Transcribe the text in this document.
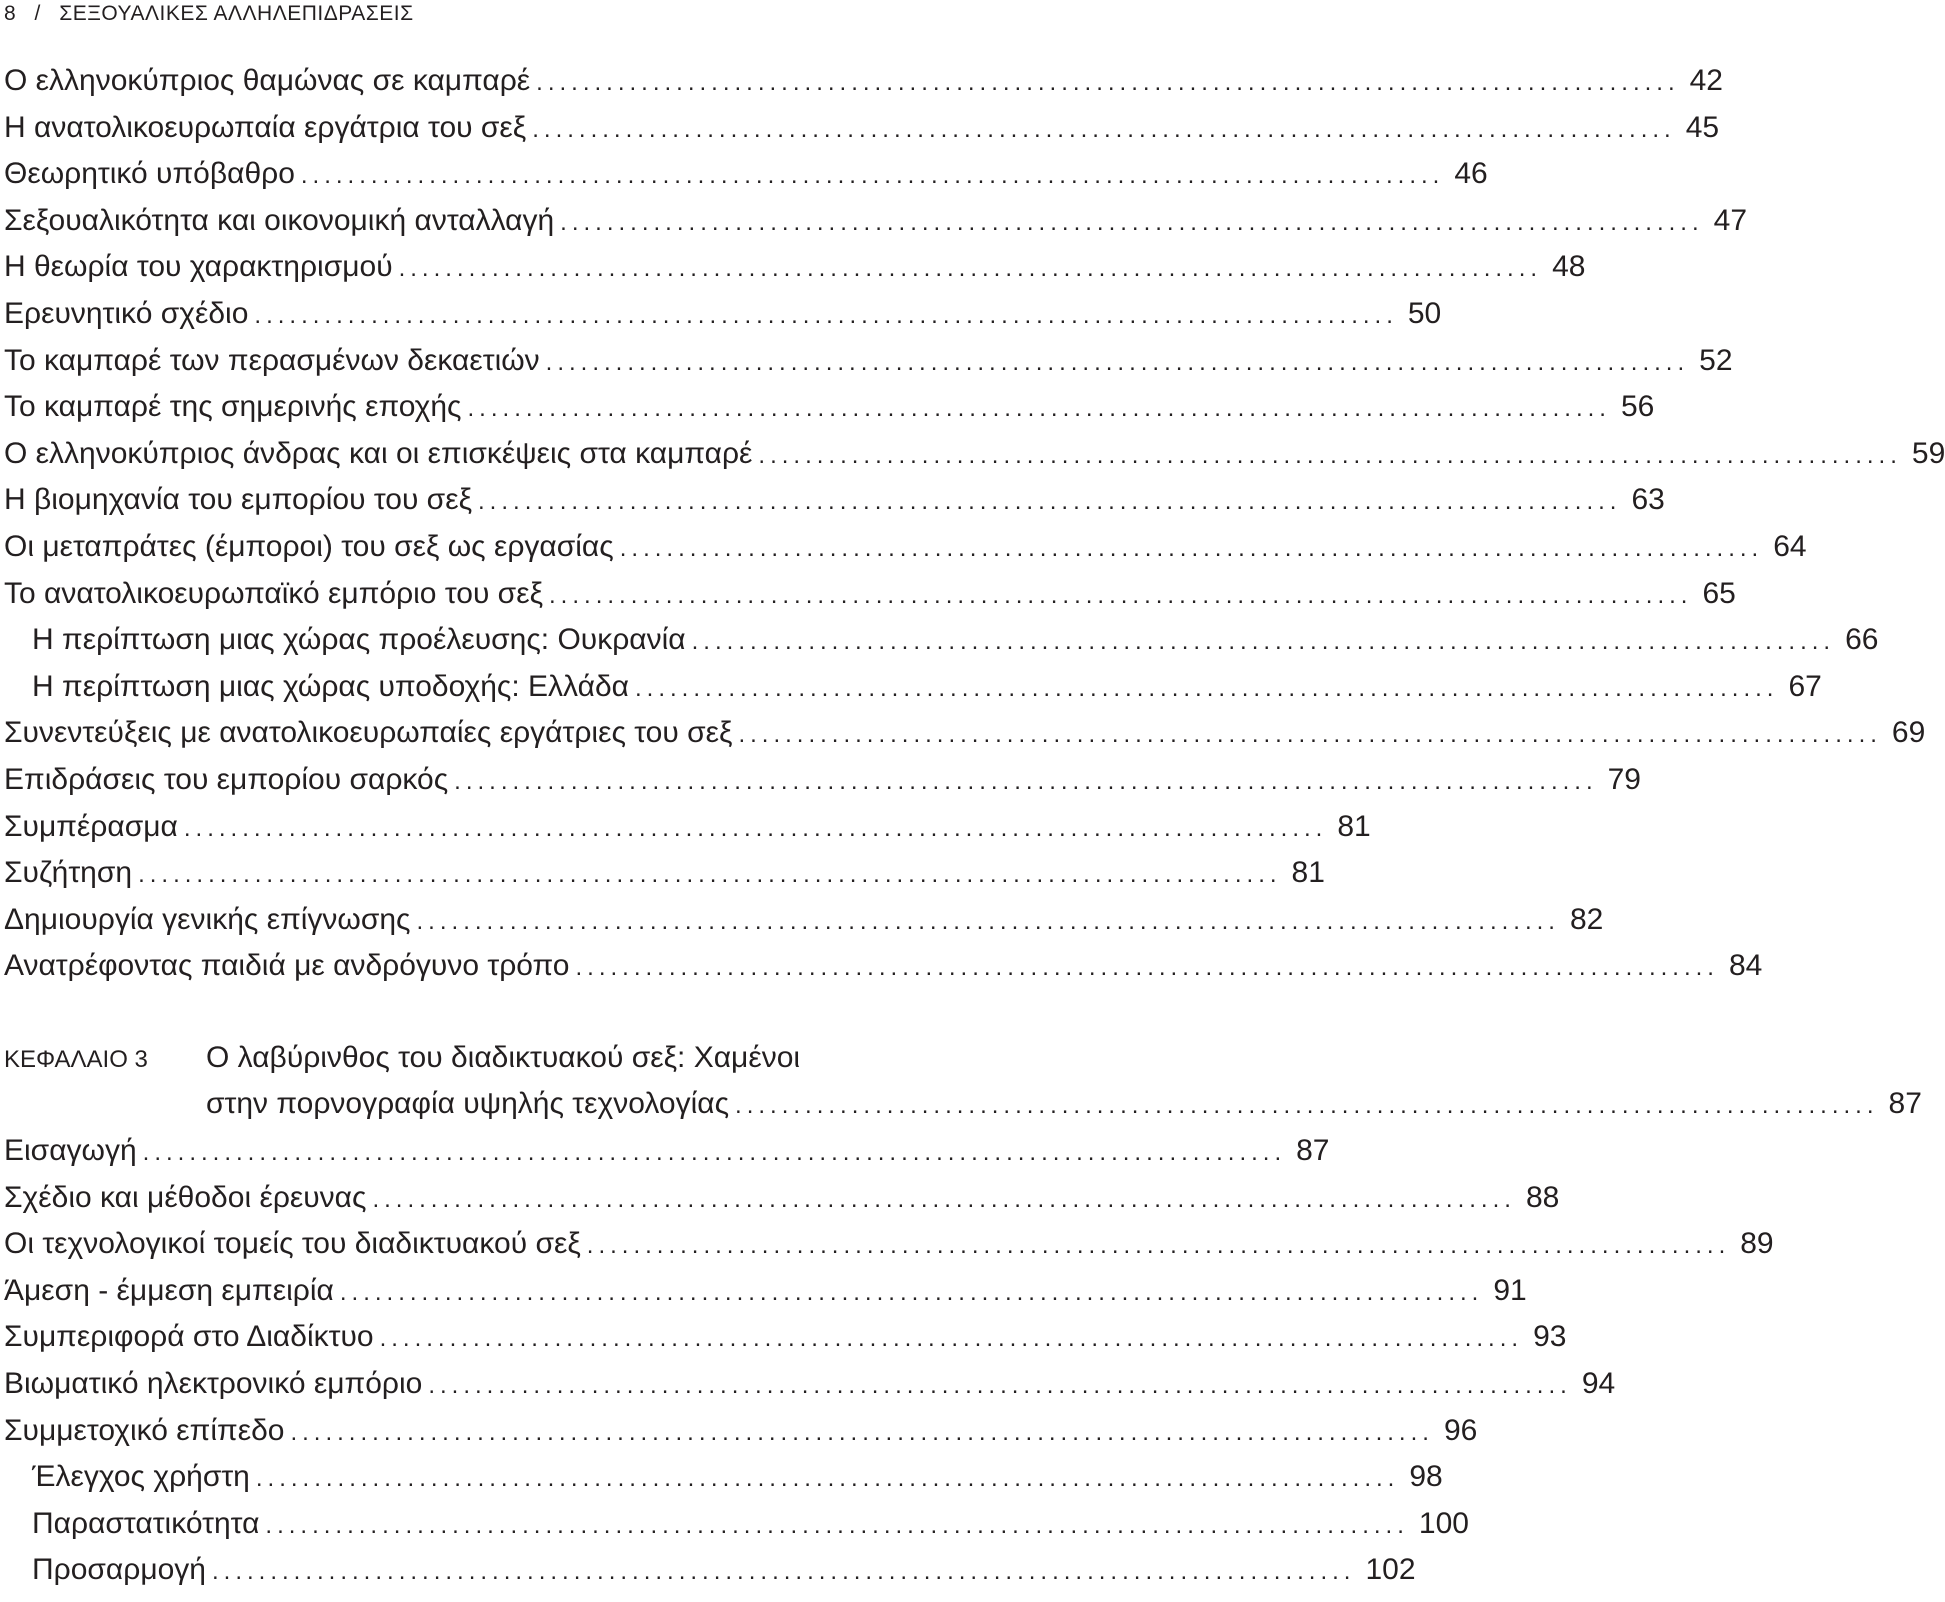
8 / ΣΕΞΟΥΑΛΙΚΕΣ ΑΛΛΗΛΕΠΙΔΡΑΣΕΙΣ
Ο ελληνοκύπριος θαμώνας σε καμπαρέ .................................................................................................. 42
Η ανατολικοευρωπαία εργάτρια του σεξ .................................................................................................. 45
Θεωρητικό υπόβαθρο .................................................................................................. 46
Σεξουαλικότητα και οικονομική ανταλλαγή .................................................................................................. 47
Η θεωρία του χαρακτηρισμού .................................................................................................. 48
Ερευνητικό σχέδιο .................................................................................................. 50
Το καμπαρέ των περασμένων δεκαετιών .................................................................................................. 52
Το καμπαρέ της σημερινής εποχής .................................................................................................. 56
Ο ελληνοκύπριος άνδρας και οι επισκέψεις στα καμπαρέ .................................................................................................. 59
Η βιομηχανία του εμπορίου του σεξ .................................................................................................. 63
Οι μεταπράτες (έμποροι) του σεξ ως εργασίας .................................................................................................. 64
Το ανατολικοευρωπαϊκό εμπόριο του σεξ .................................................................................................. 65
Η περίπτωση μιας χώρας προέλευσης: Ουκρανία .................................................................................................. 66
Η περίπτωση μιας χώρας υποδοχής: Ελλάδα .................................................................................................. 67
Συνεντεύξεις με ανατολικοευρωπαίες εργάτριες του σεξ .................................................................................................. 69
Επιδράσεις του εμπορίου σαρκός .................................................................................................. 79
Συμπέρασμα .................................................................................................. 81
Συζήτηση .................................................................................................. 81
Δημιουργία γενικής επίγνωσης .................................................................................................. 82
Ανατρέφοντας παιδιά με ανδρόγυνο τρόπο .................................................................................................. 84
ΚΕΦΑΛΑΙΟ 3	Ο λαβύρινθος του διαδικτυακού σεξ: Χαμένοι
στην πορνογραφία υψηλής τεχνολογίας .................................................................................................. 87
Εισαγωγή .................................................................................................. 87
Σχέδιο και μέθοδοι έρευνας .................................................................................................. 88
Οι τεχνολογικοί τομείς του διαδικτυακού σεξ .................................................................................................. 89
Άμεση - έμμεση εμπειρία .................................................................................................. 91
Συμπεριφορά στο Διαδίκτυο .................................................................................................. 93
Βιωματικό ηλεκτρονικό εμπόριο .................................................................................................. 94
Συμμετοχικό επίπεδο .................................................................................................. 96
Έλεγχος χρήστη .................................................................................................. 98
Παραστατικότητα .................................................................................................. 100
Προσαρμογή .................................................................................................. 102
